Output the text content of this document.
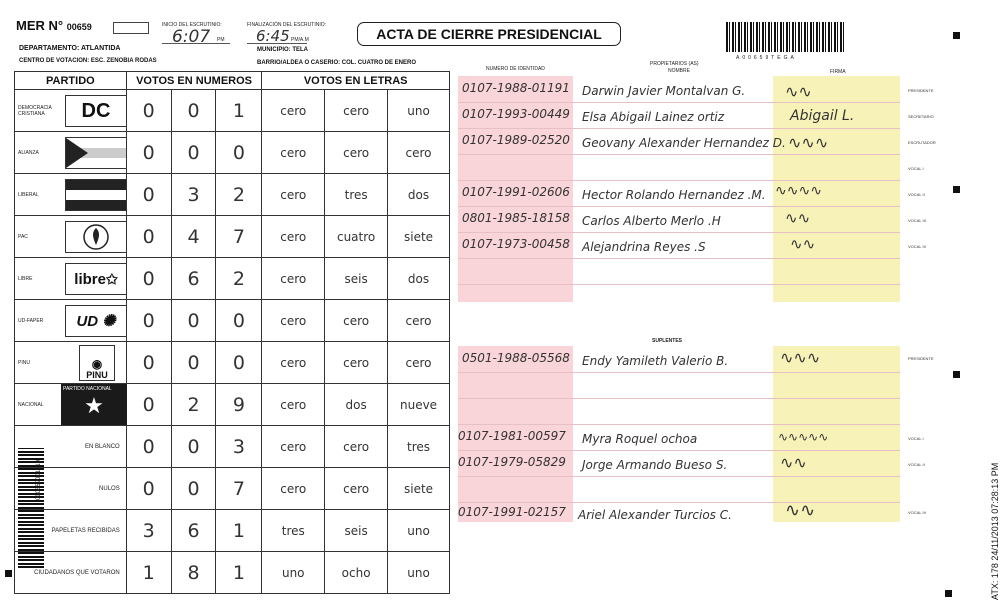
MER N° 00659	INICIO DEL ESCRUTINIO:
6:07 PM
FINALIZACIÓN DEL ESCRUTINIO:
6:45 PM/A.M	ACTA DE CIERRE PRESIDENCIAL
A00659TEGA
DEPARTAMENTO: ATLANTIDA	MUNICIPIO: TELA
CENTRO DE VOTACION: ESC. ZENOBIA RODAS	BARRIO/ALDEA O CASERIO: COL. CUATRO DE ENERO
000659001010	ATX: 178 24/11/2013 07:28:13 PM
PARTIDO	VOTOS EN NUMEROS			VOTOS EN LETRAS		

DEMOCRACIA CRISTIANA DC	0	0	1	cero	cero	uno

ALIANZA	0	0	0	cero	cero	cero

LIBERAL	0	3	2	cero	tres	dos

PAC	0	4	7	cero	cuatro	siete

LIBRE libre ✩	0	6	2	cero	seis	dos

UD-FAPER UD ✺	0	0	0	cero	cero	cero

PINU ◉
PINU	0	0	0	cero	cero	cero

NACIONAL
PARTIDO NACIONAL
★	0	2	9	cero	dos	nueve
EN BLANCO	0	0	3	cero	cero	tres
NULOS	0	0	7	cero	cero	siete
PAPELETAS RECIBIDAS	3	6	1	tres	seis	uno
CIUDADANOS QUE VOTARON	1	8	1	uno	ocho	uno
NUMERO DE IDENTIDAD
PROPIETARIOS (AS)
NOMBRE	FIRMA
SUPLENTES
0107-1988-01191 Darwin Javier Montalvan G. ∿∿	PRESIDENTE
0107-1993-00449 Elsa Abigail Lainez ortiz	Abigail L.	SECRETARIO
0107-1989-02520 Geovany Alexander Hernandez D. ∿∿∿	ESCRUTADOR
VOCAL I
0107-1991-02606 Hector Rolando Hernandez .M. ∿∿∿∿	VOCAL II
0801-1985-18158 Carlos Alberto Merlo .H	∿∿	VOCAL III
0107-1973-00458 Alejandrina Reyes .S	∿∿	VOCAL IV
0501-1988-05568 Endy Yamileth Valerio B.	∿∿∿	PRESIDENTE
0107-1981-00597 Myra Roquel ochoa	∿∿∿∿∿	VOCAL I
0107-1979-05829 Jorge Armando Bueso S.	∿∿	VOCAL II
0107-1991-02157 Ariel Alexander Turcios C.	∿∿	VOCAL IV
